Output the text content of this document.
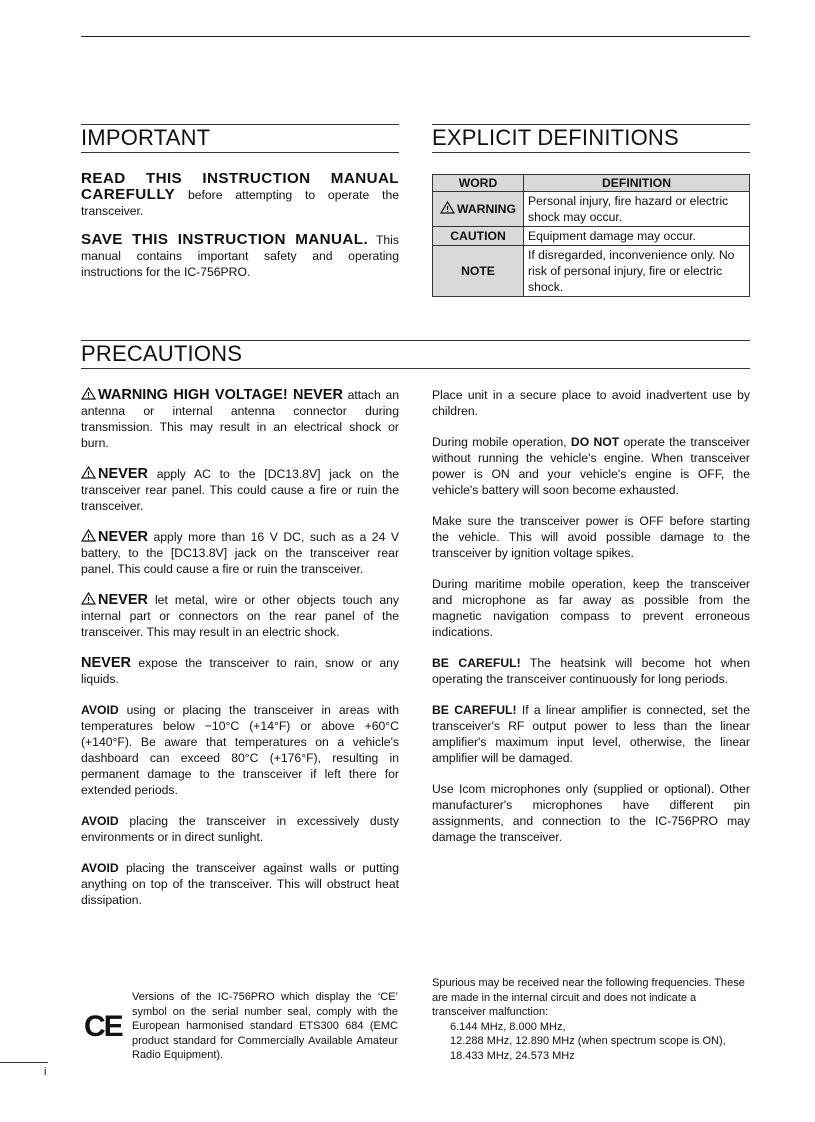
IMPORTANT

READ THIS INSTRUCTION MANUAL CAREFULLY before attempting to operate the transceiver.

SAVE THIS INSTRUCTION MANUAL. This manual contains important safety and operating instructions for the IC-756PRO.

EXPLICIT DEFINITIONS
WORD	DEFINITION
WARNING	Personal injury, fire hazard or electric shock may occur.
CAUTION	Equipment damage may occur.
NOTE	If disregarded, inconvenience only. No risk of personal injury, fire or electric shock.
PRECAUTIONS

WARNING HIGH VOLTAGE! NEVER attach an antenna or internal antenna connector during transmission. This may result in an electrical shock or burn.

NEVER apply AC to the [DC13.8V] jack on the transceiver rear panel. This could cause a fire or ruin the transceiver.

NEVER apply more than 16 V DC, such as a 24 V battery, to the [DC13.8V] jack on the transceiver rear panel. This could cause a fire or ruin the transceiver.

NEVER let metal, wire or other objects touch any internal part or connectors on the rear panel of the transceiver. This may result in an electric shock.

NEVER expose the transceiver to rain, snow or any liquids.

AVOID using or placing the transceiver in areas with temperatures below −10°C (+14°F) or above +60°C (+140°F). Be aware that temperatures on a vehicle's dashboard can exceed 80°C (+176°F), resulting in permanent damage to the transceiver if left there for extended periods.

AVOID placing the transceiver in excessively dusty environments or in direct sunlight.

AVOID placing the transceiver against walls or putting anything on top of the transceiver. This will obstruct heat dissipation.

Place unit in a secure place to avoid inadvertent use by children.

During mobile operation, DO NOT operate the transceiver without running the vehicle's engine. When transceiver power is ON and your vehicle's engine is OFF, the vehicle's battery will soon become exhausted.

Make sure the transceiver power is OFF before starting the vehicle. This will avoid possible damage to the transceiver by ignition voltage spikes.

During maritime mobile operation, keep the transceiver and microphone as far away as possible from the magnetic navigation compass to prevent erroneous indications.

BE CAREFUL! The heatsink will become hot when operating the transceiver continuously for long periods.

BE CAREFUL! If a linear amplifier is connected, set the transceiver's RF output power to less than the linear amplifier's maximum input level, otherwise, the linear amplifier will be damaged.

Use Icom microphones only (supplied or optional). Other manufacturer's microphones have different pin assignments, and connection to the IC-756PRO may damage the transceiver.

CE
Versions of the IC-756PRO which display the ‘CE’ symbol on the serial number seal, comply with the European harmonised standard ETS300 684 (EMC product standard for Commercially Available Amateur Radio Equipment).
Spurious may be received near the following frequencies. These are made in the internal circuit and does not indicate a transceiver malfunction:
6.144 MHz, 8.000 MHz,
12.288 MHz, 12.890 MHz (when spectrum scope is ON),
18.433 MHz, 24.573 MHz
i
